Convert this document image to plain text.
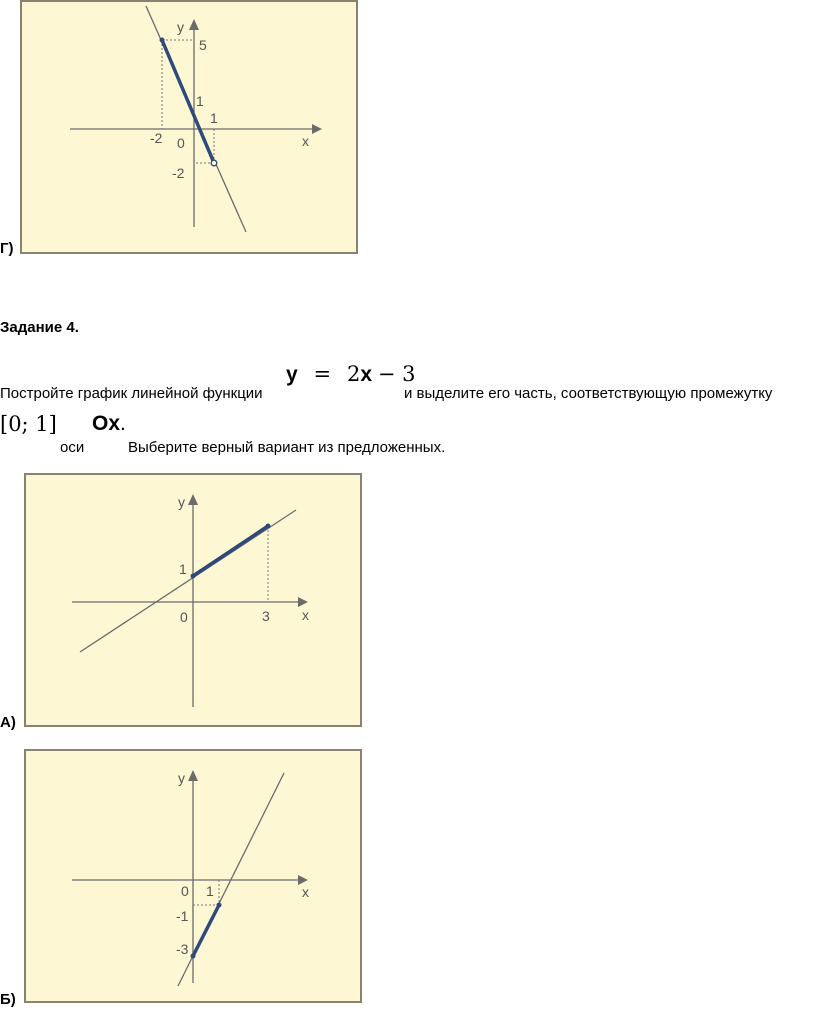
Г)
y
x
5
1
1
-2 0
-2
Задание 4.
Постройте график линейной функции
y = 2x − 3
и выделите его часть, соответствующую промежутку
[0; 1]
оси
Ox.
Выберите верный вариант из предложенных.
А)
y
x
1
0	3
Б)
y
x
0 1
-1
-3
